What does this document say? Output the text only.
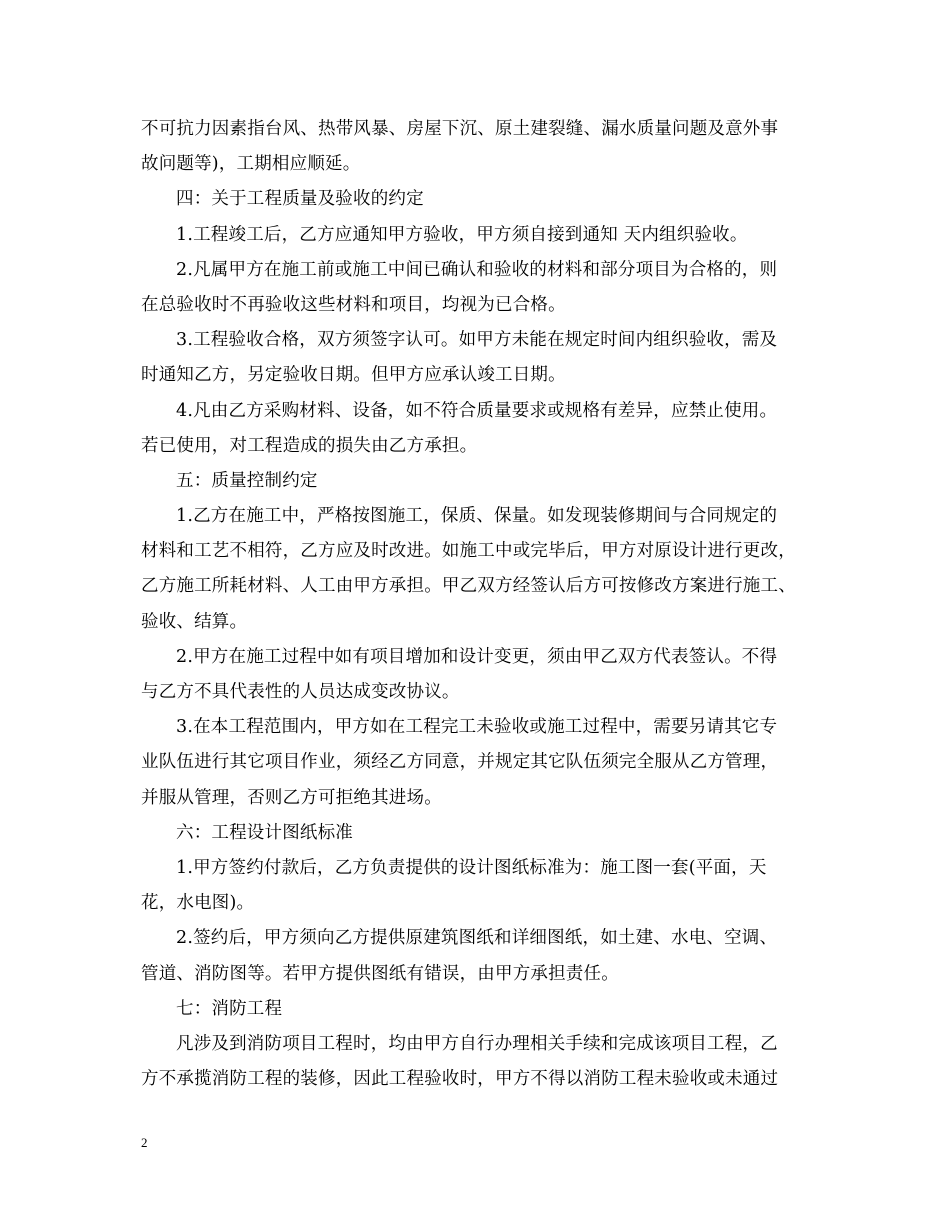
不可抗力因素指台风、热带风暴、房屋下沉、原土建裂缝、漏水质量问题及意外事
故问题等)，工期相应顺延。
四：关于工程质量及验收的约定
1.工程竣工后，乙方应通知甲方验收，甲方须自接到通知 天内组织验收。
2.凡属甲方在施工前或施工中间已确认和验收的材料和部分项目为合格的，则
在总验收时不再验收这些材料和项目，均视为已合格。
3.工程验收合格，双方须签字认可。如甲方未能在规定时间内组织验收，需及
时通知乙方，另定验收日期。但甲方应承认竣工日期。
4.凡由乙方采购材料、设备，如不符合质量要求或规格有差异，应禁止使用。
若已使用，对工程造成的损失由乙方承担。
五：质量控制约定
1.乙方在施工中，严格按图施工，保质、保量。如发现装修期间与合同规定的
材料和工艺不相符，乙方应及时改进。如施工中或完毕后，甲方对原设计进行更改，
乙方施工所耗材料、人工由甲方承担。甲乙双方经签认后方可按修改方案进行施工、
验收、结算。
2.甲方在施工过程中如有项目增加和设计变更，须由甲乙双方代表签认。不得
与乙方不具代表性的人员达成变改协议。
3.在本工程范围内，甲方如在工程完工未验收或施工过程中，需要另请其它专
业队伍进行其它项目作业，须经乙方同意，并规定其它队伍须完全服从乙方管理，
并服从管理，否则乙方可拒绝其进场。
六：工程设计图纸标准
1.甲方签约付款后，乙方负责提供的设计图纸标准为：施工图一套(平面，天
花，水电图)。
2.签约后，甲方须向乙方提供原建筑图纸和详细图纸，如土建、水电、空调、
管道、消防图等。若甲方提供图纸有错误，由甲方承担责任。
七：消防工程
凡涉及到消防项目工程时，均由甲方自行办理相关手续和完成该项目工程，乙
方不承揽消防工程的装修，因此工程验收时，甲方不得以消防工程未验收或未通过
2
